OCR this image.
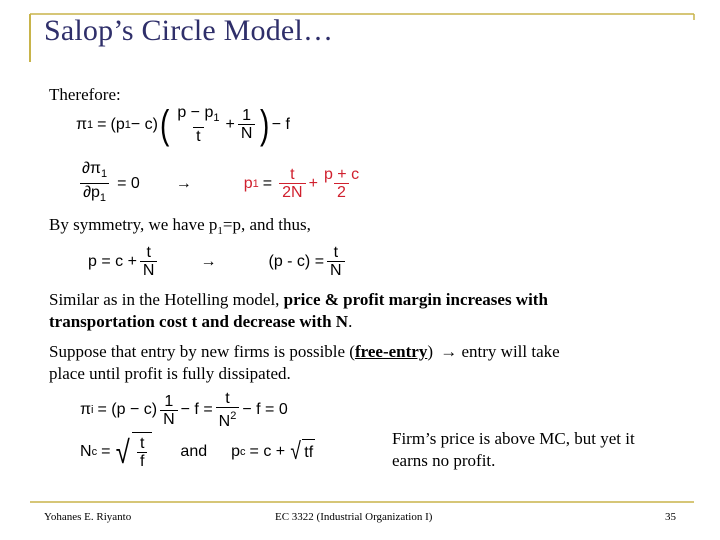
Salop’s Circle Model…
Therefore:
π 1 = (p 1 − c) ( $\frac{p - p_1}{t} + \frac{1}{N}$ ) − f
$\frac{\partial\pi_1}{\partial p_1} = 0$ →	p $1 = \frac{t}{2N} + \frac{p + c}{2}$
By symmetry, we have $p_1=p$, and thus,
$p = c + \frac{t}{N}$	→	$(p - c) = \frac{t}{N}$
Similar as in the Hotelling model, price & profit margin increases with
transportation cost t and decrease with N.
Suppose that entry by new firms is possible (free-entry) → entry will take
place until profit is fully dissipated.
π $i = (p - c) \frac{1}{N} - f = \frac{t}{N^2} - f = 0$
N c = √ $\frac{t}{f}$ and p c = c + √ tf
Firm’s price is above MC, but yet it
earns no profit.
Yohanes E. Riyanto	EC 3322 (Industrial Organization I)	35
